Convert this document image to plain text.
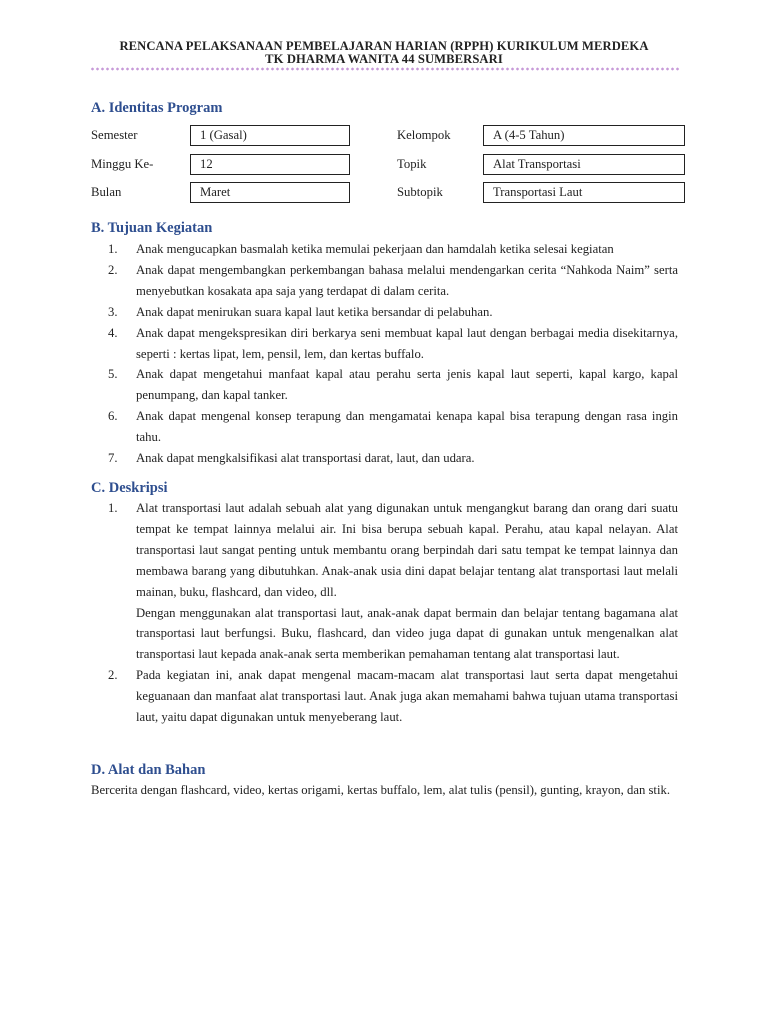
RENCANA PELAKSANAAN PEMBELAJARAN HARIAN (RPPH) KURIKULUM MERDEKA
TK DHARMA WANITA 44 SUMBERSARI
A. Identitas Program
Semester	1 (Gasal)	Kelompok	A (4-5 Tahun)
Minggu Ke-	12	Topik	Alat Transportasi
Bulan	Maret	Subtopik	Transportasi Laut
B. Tujuan Kegiatan
1.	Anak mengucapkan basmalah ketika memulai pekerjaan dan hamdalah ketika selesai kegiatan
2.	Anak dapat mengembangkan perkembangan bahasa melalui mendengarkan cerita “Nahkoda Naim” serta menyebutkan kosakata apa saja yang terdapat di dalam cerita.
3.	Anak dapat menirukan suara kapal laut ketika bersandar di pelabuhan.
4.	Anak dapat mengekspresikan diri berkarya seni membuat kapal laut dengan berbagai media disekitarnya, seperti : kertas lipat, lem, pensil, lem, dan kertas buffalo.
5.	Anak dapat mengetahui manfaat kapal atau perahu serta jenis kapal laut seperti, kapal kargo, kapal penumpang, dan kapal tanker.
6.	Anak dapat mengenal konsep terapung dan mengamatai kenapa kapal bisa terapung dengan rasa ingin tahu.
7.	Anak dapat mengkalsifikasi alat transportasi darat, laut, dan udara.
C. Deskripsi
1.	Alat transportasi laut adalah sebuah alat yang digunakan untuk mengangkut barang dan orang dari suatu tempat ke tempat lainnya melalui air. Ini bisa berupa sebuah kapal. Perahu, atau kapal nelayan. Alat transportasi laut sangat penting untuk membantu orang berpindah dari satu tempat ke tempat lainnya dan membawa barang yang dibutuhkan. Anak-anak usia dini dapat belajar tentang alat transportasi laut melali mainan, buku, flashcard, dan video, dll.
Dengan menggunakan alat transportasi laut, anak-anak dapat bermain dan belajar tentang bagamana alat transportasi laut berfungsi. Buku, flashcard, dan video juga dapat di gunakan untuk mengenalkan alat transportasi laut kepada anak-anak serta memberikan pemahaman tentang alat transportasi laut.
2.	Pada kegiatan ini, anak dapat mengenal macam-macam alat transportasi laut serta dapat mengetahui keguanaan dan manfaat alat transportasi laut. Anak juga akan memahami bahwa tujuan utama transportasi laut, yaitu dapat digunakan untuk menyeberang laut.
D. Alat dan Bahan
Bercerita dengan flashcard, video, kertas origami, kertas buffalo, lem, alat tulis (pensil), gunting, krayon, dan stik.
